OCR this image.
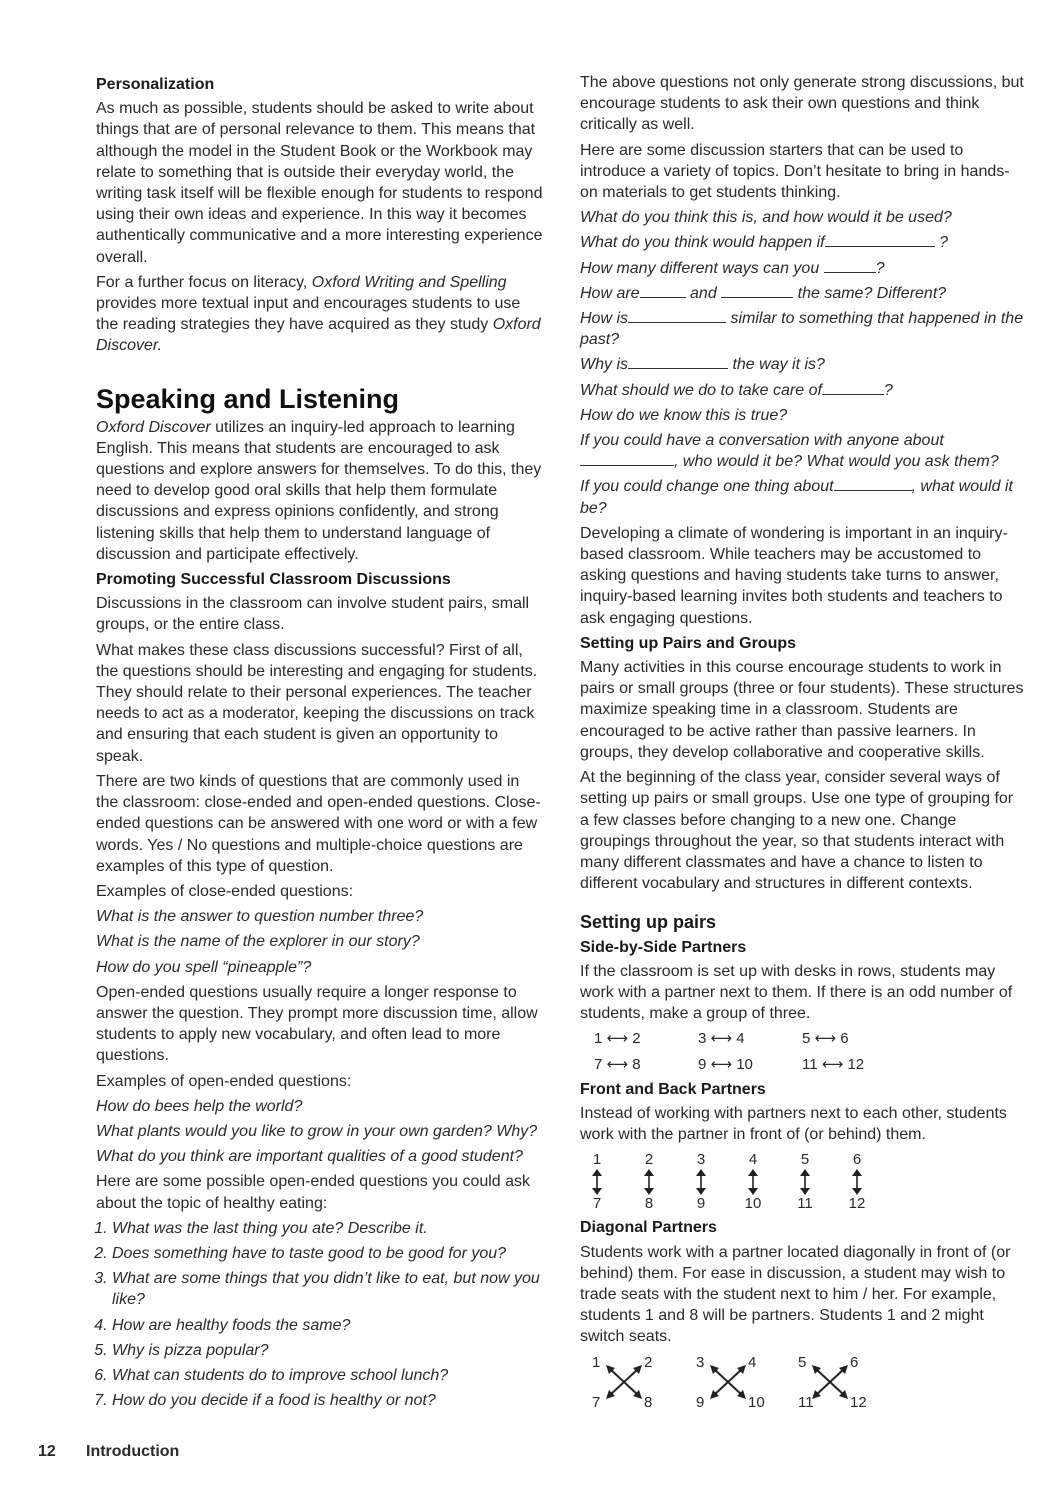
Personalization

As much as possible, students should be asked to write about things that are of personal relevance to them. This means that although the model in the Student Book or the Workbook may relate to something that is outside their everyday world, the writing task itself will be flexible enough for students to respond using their own ideas and experience. In this way it becomes authentically communicative and a more interesting experience overall.

For a further focus on literacy, Oxford Writing and Spelling provides more textual input and encourages students to use the reading strategies they have acquired as they study Oxford Discover.

Speaking and Listening

Oxford Discover utilizes an inquiry-led approach to learning English. This means that students are encouraged to ask questions and explore answers for themselves. To do this, they need to develop good oral skills that help them formulate discussions and express opinions confidently, and strong listening skills that help them to understand language of discussion and participate effectively.

Promoting Successful Classroom Discussions

Discussions in the classroom can involve student pairs, small groups, or the entire class.

What makes these class discussions successful? First of all, the questions should be interesting and engaging for students. They should relate to their personal experiences. The teacher needs to act as a moderator, keeping the discussions on track and ensuring that each student is given an opportunity to speak.

There are two kinds of questions that are commonly used in the classroom: close-ended and open-ended questions. Close-ended questions can be answered with one word or with a few words. Yes / No questions and multiple-choice questions are examples of this type of question.

Examples of close-ended questions:

What is the answer to question number three?

What is the name of the explorer in our story?

How do you spell “pineapple”?

Open-ended questions usually require a longer response to answer the question. They prompt more discussion time, allow students to apply new vocabulary, and often lead to more questions.

Examples of open-ended questions:

How do bees help the world?

What plants would you like to grow in your own garden? Why?

What do you think are important qualities of a good student?

Here are some possible open-ended questions you could ask about the topic of healthy eating:

1. What was the last thing you ate? Describe it.
2. Does something have to taste good to be good for you?
3. What are some things that you didn’t like to eat, but now you like?
4. How are healthy foods the same?
5. Why is pizza popular?
6. What can students do to improve school lunch?
7. How do you decide if a food is healthy or not?

The above questions not only generate strong discussions, but encourage students to ask their own questions and think critically as well.

Here are some discussion starters that can be used to introduce a variety of topics. Don’t hesitate to bring in hands-on materials to get students thinking.

What do you think this is, and how would it be used?

What do you think would happen if	?

How many different ways can you	?

How are	and	the same? Different?

How is	similar to something that happened in the past?

Why is	the way it is?

What should we do to take care of	?

How do we know this is true?

If you could have a conversation with anyone about
, who would it be? What would you ask them?

If you could change one thing about	, what would it be?

Developing a climate of wondering is important in an inquiry-based classroom. While teachers may be accustomed to asking questions and having students take turns to answer, inquiry-based learning invites both students and teachers to ask engaging questions.

Setting up Pairs and Groups

Many activities in this course encourage students to work in pairs or small groups (three or four students). These structures maximize speaking time in a classroom. Students are encouraged to be active rather than passive learners. In groups, they develop collaborative and cooperative skills.

At the beginning of the class year, consider several ways of setting up pairs or small groups. Use one type of grouping for a few classes before changing to a new one. Change groupings throughout the year, so that students interact with many different classmates and have a chance to listen to different vocabulary and structures in different contexts.

Setting up pairs
Side-by-Side Partners

If the classroom is set up with desks in rows, students may work with a partner next to them. If there is an odd number of students, make a group of three.

1 ⟷ 2	3 ⟷ 4	5 ⟷ 6
7 ⟷ 8	9 ⟷ 10	11 ⟷ 12
Front and Back Partners

Instead of working with partners next to each other, students work with the partner in front of (or behind) them.

1
7
2
8
3
9
4
10
5
11
6
12
Diagonal Partners

Students work with a partner located diagonally in front of (or behind) them. For ease in discussion, a student may wish to trade seats with the student next to him / her. For example, students 1 and 8 will be partners. Students 1 and 2 might switch seats.

1	2
7	8
3	4
9	10
5	6
11 12
12 Introduction
